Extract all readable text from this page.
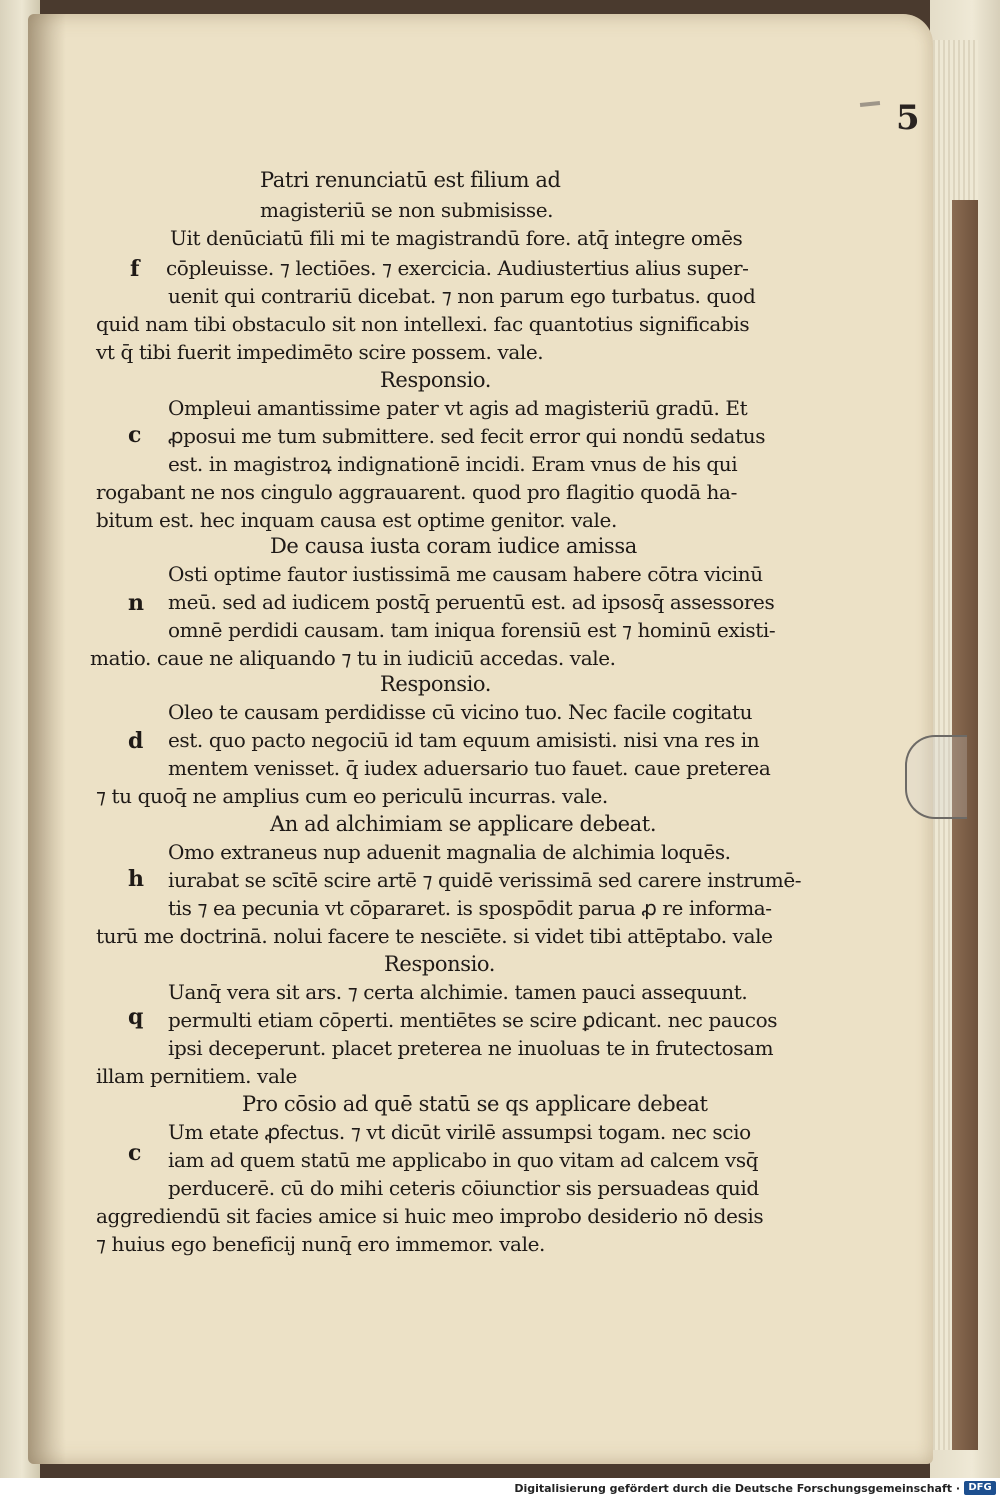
Patri renunciatū est filium ad
magisteriū se non submisisse.
Uit denūciatū fili mi te magistrandū fore. atq̄ integre omēs
cōpleuisse. ⁊ lectiōes. ⁊ exercicia. Audiustertius alius super-
uenit qui contrariū dicebat. ⁊ non parum ego turbatus. quod
quid nam tibi obstaculo sit non intellexi. fac quantotius significabis
vt q̄ tibi fuerit impedimēto scire possem. vale.
Responsio.
Ompleui amantissime pater vt agis ad magisteriū gradū. Et
ꝓposui me tum submittere. sed fecit error qui nondū sedatus
est. in magistroꝝ indignationē incidi. Eram vnus de his qui
rogabant ne nos cingulo aggrauarent. quod pro flagitio quodā ha-
bitum est. hec inquam causa est optime genitor. vale.
De causa iusta coram iudice amissa
Osti optime fautor iustissimā me causam habere cōtra vicinū
meū. sed ad iudicem postq̄ peruentū est. ad ipsosq̄ assessores
omnē perdidi causam. tam iniqua forensiū est ⁊ hominū existi-
matio. caue ne aliquando ⁊ tu in iudiciū accedas. vale.
Responsio.
Oleo te causam perdidisse cū vicino tuo. Nec facile cogitatu
est. quo pacto negociū id tam equum amisisti. nisi vna res in
mentem venisset. q̄ iudex aduersario tuo fauet. caue preterea
⁊ tu quoq̄ ne amplius cum eo periculū incurras. vale.
An ad alchimiam se applicare debeat.
Omo extraneus nup aduenit magnalia de alchimia loquēs.
iurabat se scītē scire artē ⁊ quidē verissimā sed carere instrumē-
tis ⁊ ea pecunia vt cōpararet. is spospōdit parua ꝓ re informa-
turū me doctrinā. nolui facere te nesciēte. si videt tibi attēptabo. vale
Responsio.
Uanq̄ vera sit ars. ⁊ certa alchimie. tamen pauci assequunt.
permulti etiam cōperti. mentiētes se scire ꝑdicant. nec paucos
ipsi deceperunt. placet preterea ne inuoluas te in frutectosam
illam pernitiem. vale
Pro cōsio ad quē statū se qs applicare debeat
Um etate ꝓfectus. ⁊ vt dicūt virilē assumpsi togam. nec scio
iam ad quem statū me applicabo in quo vitam ad calcem vsq̄
perducerē. cū do mihi ceteris cōiunctior sis persuadeas quid
aggrediendū sit facies amice si huic meo improbo desiderio nō desis
⁊ huius ego beneficij nunq̄ ero immemor. vale.
f
c
n
d
h
q
c
5
Digitalisierung gefördert durch die Deutsche Forschungsgemeinschaft · DFG
